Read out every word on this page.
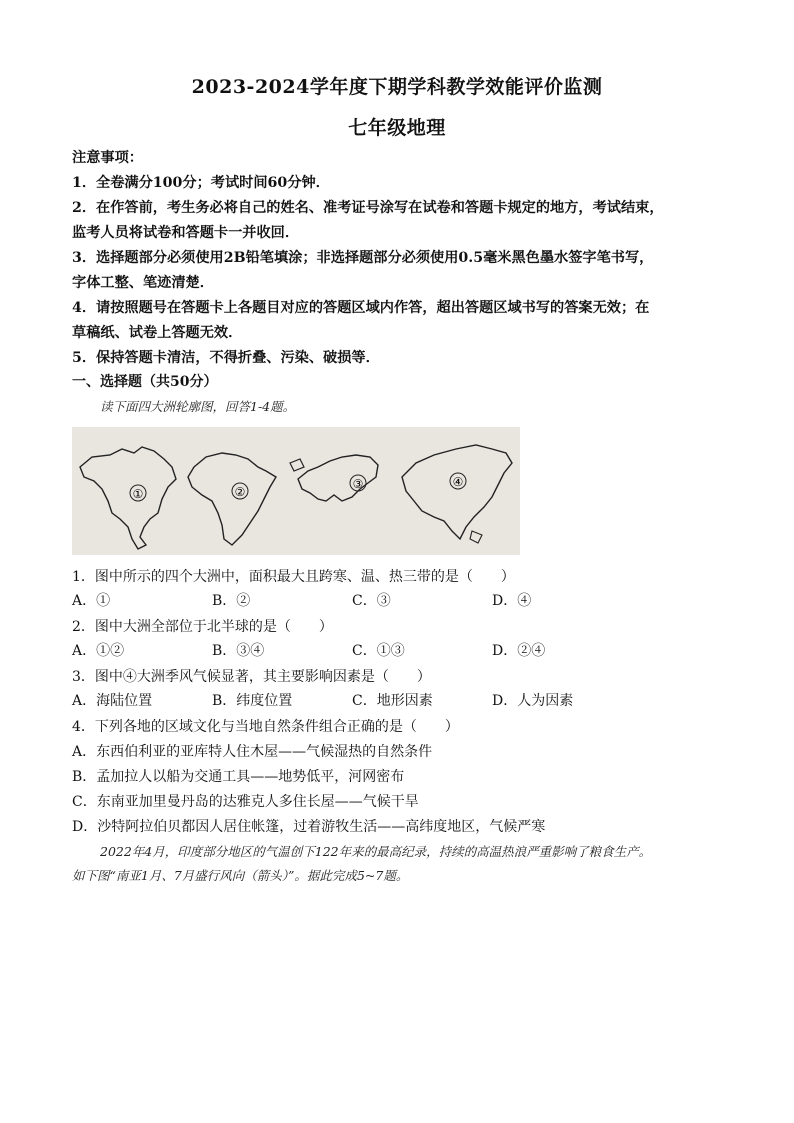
2023-2024学年度下期学科教学效能评价监测
七年级地理
注意事项：
1．全卷满分100分；考试时间60分钟．
2．在作答前，考生务必将自己的姓名、准考证号涂写在试卷和答题卡规定的地方，考试结束，
监考人员将试卷和答题卡一并收回．
3．选择题部分必须使用2B铅笔填涂；非选择题部分必须使用0.5毫米黑色墨水签字笔书写，
字体工整、笔迹清楚．
4．请按照题号在答题卡上各题目对应的答题区域内作答，超出答题区域书写的答案无效；在
草稿纸、试卷上答题无效．
5．保持答题卡清洁，不得折叠、污染、破损等．
一、选择题（共50分）
读下面四大洲轮廓图，回答1-4题。
①	②
③	④
1．图中所示的四个大洲中，面积最大且跨寒、温、热三带的是（　　）
A．①	B．②	C．③	D．④
2．图中大洲全部位于北半球的是（　　）
A．①②	B．③④	C．①③	D．②④
3．图中④大洲季风气候显著，其主要影响因素是（　　）
A．海陆位置	B．纬度位置	C．地形因素	D．人为因素
4．下列各地的区域文化与当地自然条件组合正确的是（　　）
A．东西伯利亚的亚库特人住木屋——气候湿热的自然条件
B．孟加拉人以船为交通工具——地势低平，河网密布
C．东南亚加里曼丹岛的达雅克人多住长屋——气候干旱
D．沙特阿拉伯贝都因人居住帐篷，过着游牧生活——高纬度地区，气候严寒
2022年4月，印度部分地区的气温创下122年来的最高纪录，持续的高温热浪严重影响了粮食生产。
如下图“南亚1月、7月盛行风向（箭头）”。据此完成5~7题。
